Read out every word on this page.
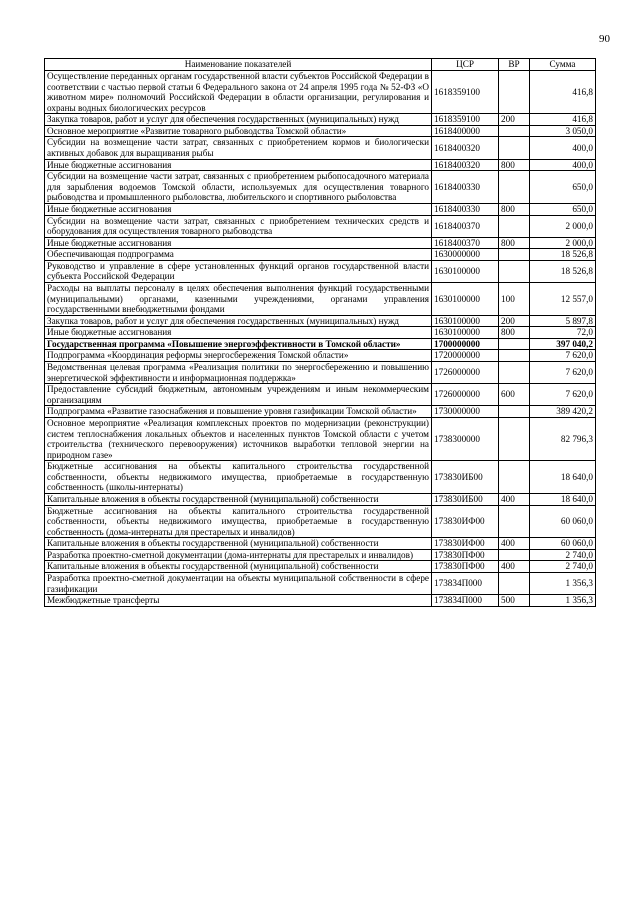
90
Наименование показателей	ЦСР	ВР	Сумма
Осуществление переданных органам государственной власти субъектов Российской Федерации в соответствии с частью первой статьи 6 Федерального закона от 24 апреля 1995 года № 52-ФЗ «О животном мире» полномочий Российской Федерации в области организации, регулирования и охраны водных биологических ресурсов	1618359100		416,8
Закупка товаров, работ и услуг для обеспечения государственных (муниципальных) нужд	1618359100	200	416,8
Основное мероприятие «Развитие товарного рыбоводства Томской области»	1618400000		3 050,0
Субсидии на возмещение части затрат, связанных с приобретением кормов и биологически активных добавок для выращивания рыбы	1618400320		400,0
Иные бюджетные ассигнования	1618400320	800	400,0
Субсидии на возмещение части затрат, связанных с приобретением рыбопосадочного материала для зарыбления водоемов Томской области, используемых для осуществления товарного рыбоводства и промышленного рыболовства, любительского и спортивного рыболовства	1618400330		650,0
Иные бюджетные ассигнования	1618400330	800	650,0
Субсидии на возмещение части затрат, связанных с приобретением технических средств и оборудования для осуществления товарного рыбоводства	1618400370		2 000,0
Иные бюджетные ассигнования	1618400370	800	2 000,0
Обеспечивающая подпрограмма	1630000000		18 526,8
Руководство и управление в сфере установленных функций органов государственной власти субъекта Российской Федерации	1630100000		18 526,8
Расходы на выплаты персоналу в целях обеспечения выполнения функций государственными (муниципальными) органами, казенными учреждениями, органами управления государственными внебюджетными фондами	1630100000	100	12 557,0
Закупка товаров, работ и услуг для обеспечения государственных (муниципальных) нужд	1630100000	200	5 897,8
Иные бюджетные ассигнования	1630100000	800	72,0
Государственная программа «Повышение энергоэффективности в Томской области»	1700000000		397 040,2
Подпрограмма «Координация реформы энергосбережения Томской области»	1720000000		7 620,0
Ведомственная целевая программа «Реализация политики по энергосбережению и повышению энергетической эффективности и информационная поддержка»	1726000000		7 620,0
Предоставление субсидий бюджетным, автономным учреждениям и иным некоммерческим организациям	1726000000	600	7 620,0
Подпрограмма «Развитие газоснабжения и повышение уровня газификации Томской области»	1730000000		389 420,2
Основное мероприятие «Реализация комплексных проектов по модернизации (реконструкции) систем теплоснабжения локальных объектов и населенных пунктов Томской области с учетом строительства (технического перевооружения) источников выработки тепловой энергии на природном газе»	1738300000		82 796,3
Бюджетные ассигнования на объекты капитального строительства государственной собственности, объекты недвижимого имущества, приобретаемые в государственную собственность (школы-интернаты)	173830ИБ00		18 640,0
Капитальные вложения в объекты государственной (муниципальной) собственности	173830ИБ00	400	18 640,0
Бюджетные ассигнования на объекты капитального строительства государственной собственности, объекты недвижимого имущества, приобретаемые в государственную собственность (дома-интернаты для престарелых и инвалидов)	173830ИФ00		60 060,0
Капитальные вложения в объекты государственной (муниципальной) собственности	173830ИФ00	400	60 060,0
Разработка проектно-сметной документации (дома-интернаты для престарелых и инвалидов)	173830ПФ00		2 740,0
Капитальные вложения в объекты государственной (муниципальной) собственности	173830ПФ00	400	2 740,0
Разработка проектно-сметной документации на объекты муниципальной собственности в сфере газификации	173834П000		1 356,3
Межбюджетные трансферты	173834П000	500	1 356,3
